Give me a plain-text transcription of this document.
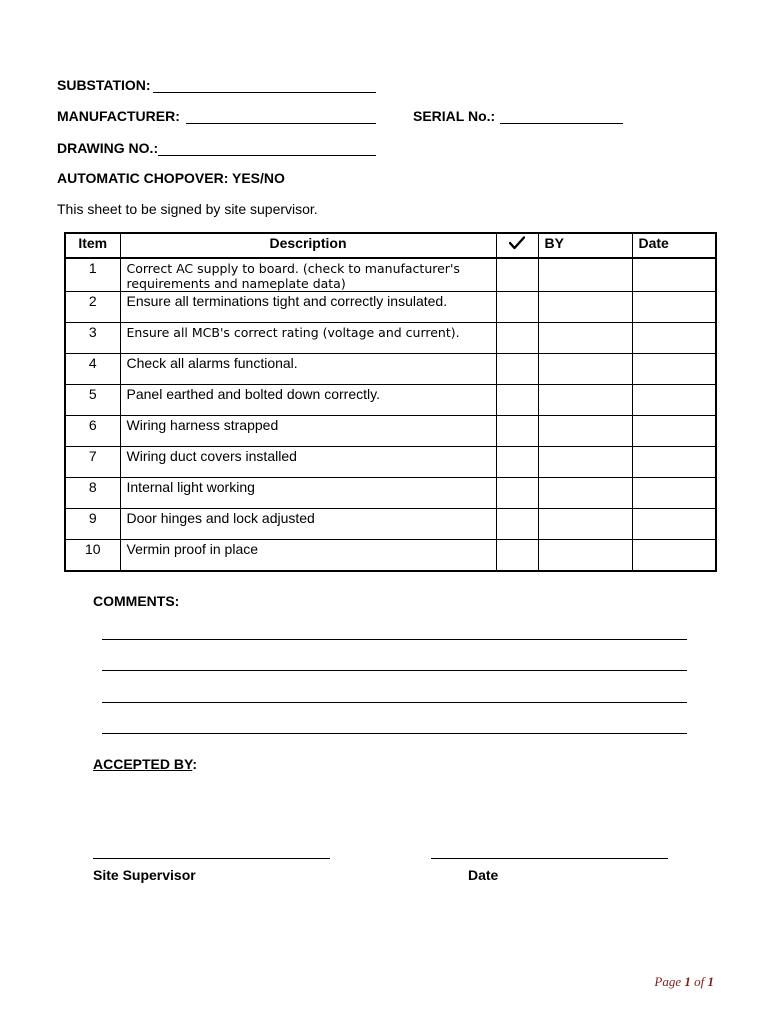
SUBSTATION:
MANUFACTURER:	SERIAL No.:
DRAWING NO.:
AUTOMATIC CHOPOVER: YES/NO
This sheet to be signed by site supervisor.
Item	Description		BY	Date
1	Correct AC supply to board. (check to manufacturer's requirements and nameplate data)			
2	Ensure all terminations tight and correctly insulated.			
3	Ensure all MCB's correct rating (voltage and current).			
4	Check all alarms functional.			
5	Panel earthed and bolted down correctly.			
6	Wiring harness strapped			
7	Wiring duct covers installed			
8	Internal light working			
9	Door hinges and lock adjusted			
10	Vermin proof in place			
COMMENTS:
ACCEPTED BY:
Site Supervisor	Date
Page 1 of 1
